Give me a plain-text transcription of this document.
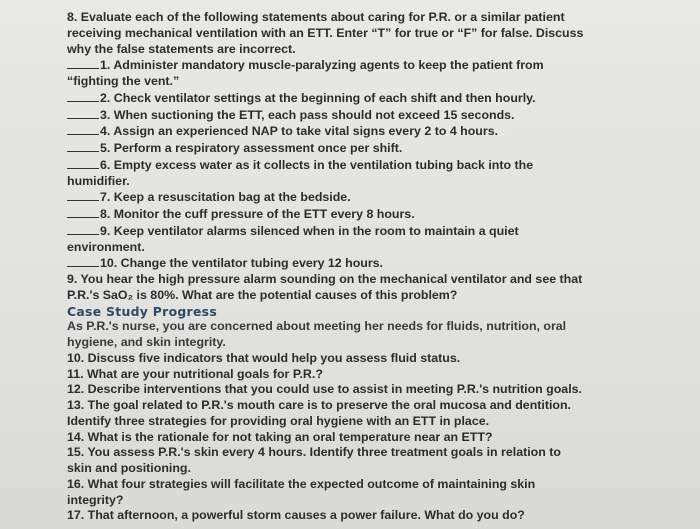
8. Evaluate each of the following statements about caring for P.R. or a similar patient
receiving mechanical ventilation with an ETT. Enter “T” for true or “F” for false. Discuss
why the false statements are incorrect.
1. Administer mandatory muscle-paralyzing agents to keep the patient from
“fighting the vent.”
2. Check ventilator settings at the beginning of each shift and then hourly.
3. When suctioning the ETT, each pass should not exceed 15 seconds.
4. Assign an experienced NAP to take vital signs every 2 to 4 hours.
5. Perform a respiratory assessment once per shift.
6. Empty excess water as it collects in the ventilation tubing back into the
humidifier.
7. Keep a resuscitation bag at the bedside.
8. Monitor the cuff pressure of the ETT every 8 hours.
9. Keep ventilator alarms silenced when in the room to maintain a quiet
environment.
10. Change the ventilator tubing every 12 hours.
9. You hear the high pressure alarm sounding on the mechanical ventilator and see that
P.R.'s SaO₂ is 80%. What are the potential causes of this problem?
Case Study Progress
As P.R.'s nurse, you are concerned about meeting her needs for fluids, nutrition, oral
hygiene, and skin integrity.
10. Discuss five indicators that would help you assess fluid status.
11. What are your nutritional goals for P.R.?
12. Describe interventions that you could use to assist in meeting P.R.'s nutrition goals.
13. The goal related to P.R.'s mouth care is to preserve the oral mucosa and dentition.
Identify three strategies for providing oral hygiene with an ETT in place.
14. What is the rationale for not taking an oral temperature near an ETT?
15. You assess P.R.'s skin every 4 hours. Identify three treatment goals in relation to
skin and positioning.
16. What four strategies will facilitate the expected outcome of maintaining skin
integrity?
17. That afternoon, a powerful storm causes a power failure. What do you do?
